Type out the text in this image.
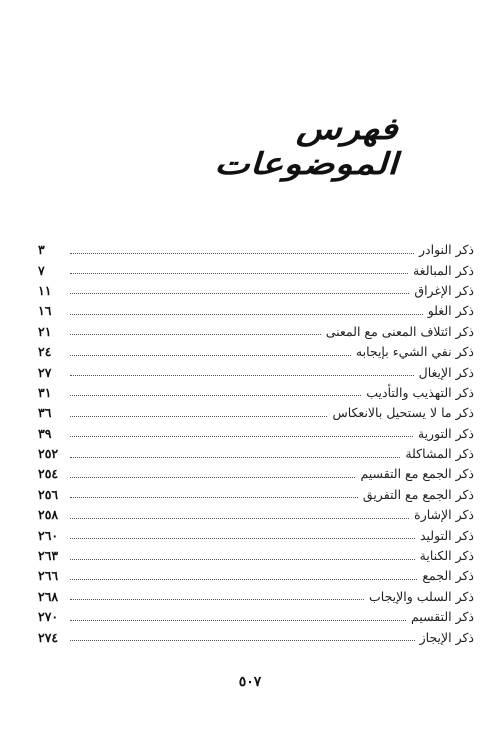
فهرس الموضوعات
ذكر النوادر
٣
ذكر المبالغة
٧
ذكر الإغراق
١١
ذكر الغلو
١٦
ذكر ائتلاف المعنى مع المعنى
٢١
ذكر نفي الشيء بإيجابه
٢٤
ذكر الإيغال
٢٧
ذكر التهذيب والتأديب
٣١
ذكر ما لا يستحيل بالانعكاس
٣٦
ذكر التورية
٣٩
ذكر المشاكلة
٢٥٢
ذكر الجمع مع التقسيم
٢٥٤
ذكر الجمع مع التفريق
٢٥٦
ذكر الإشارة
٢٥٨
ذكر التوليد
٢٦٠
ذكر الكناية
٢٦٣
ذكر الجمع
٢٦٦
ذكر السلب والإيجاب
٢٦٨
ذكر التقسيم
٢٧٠
ذكر الإيجاز
٢٧٤
٥٠٧
